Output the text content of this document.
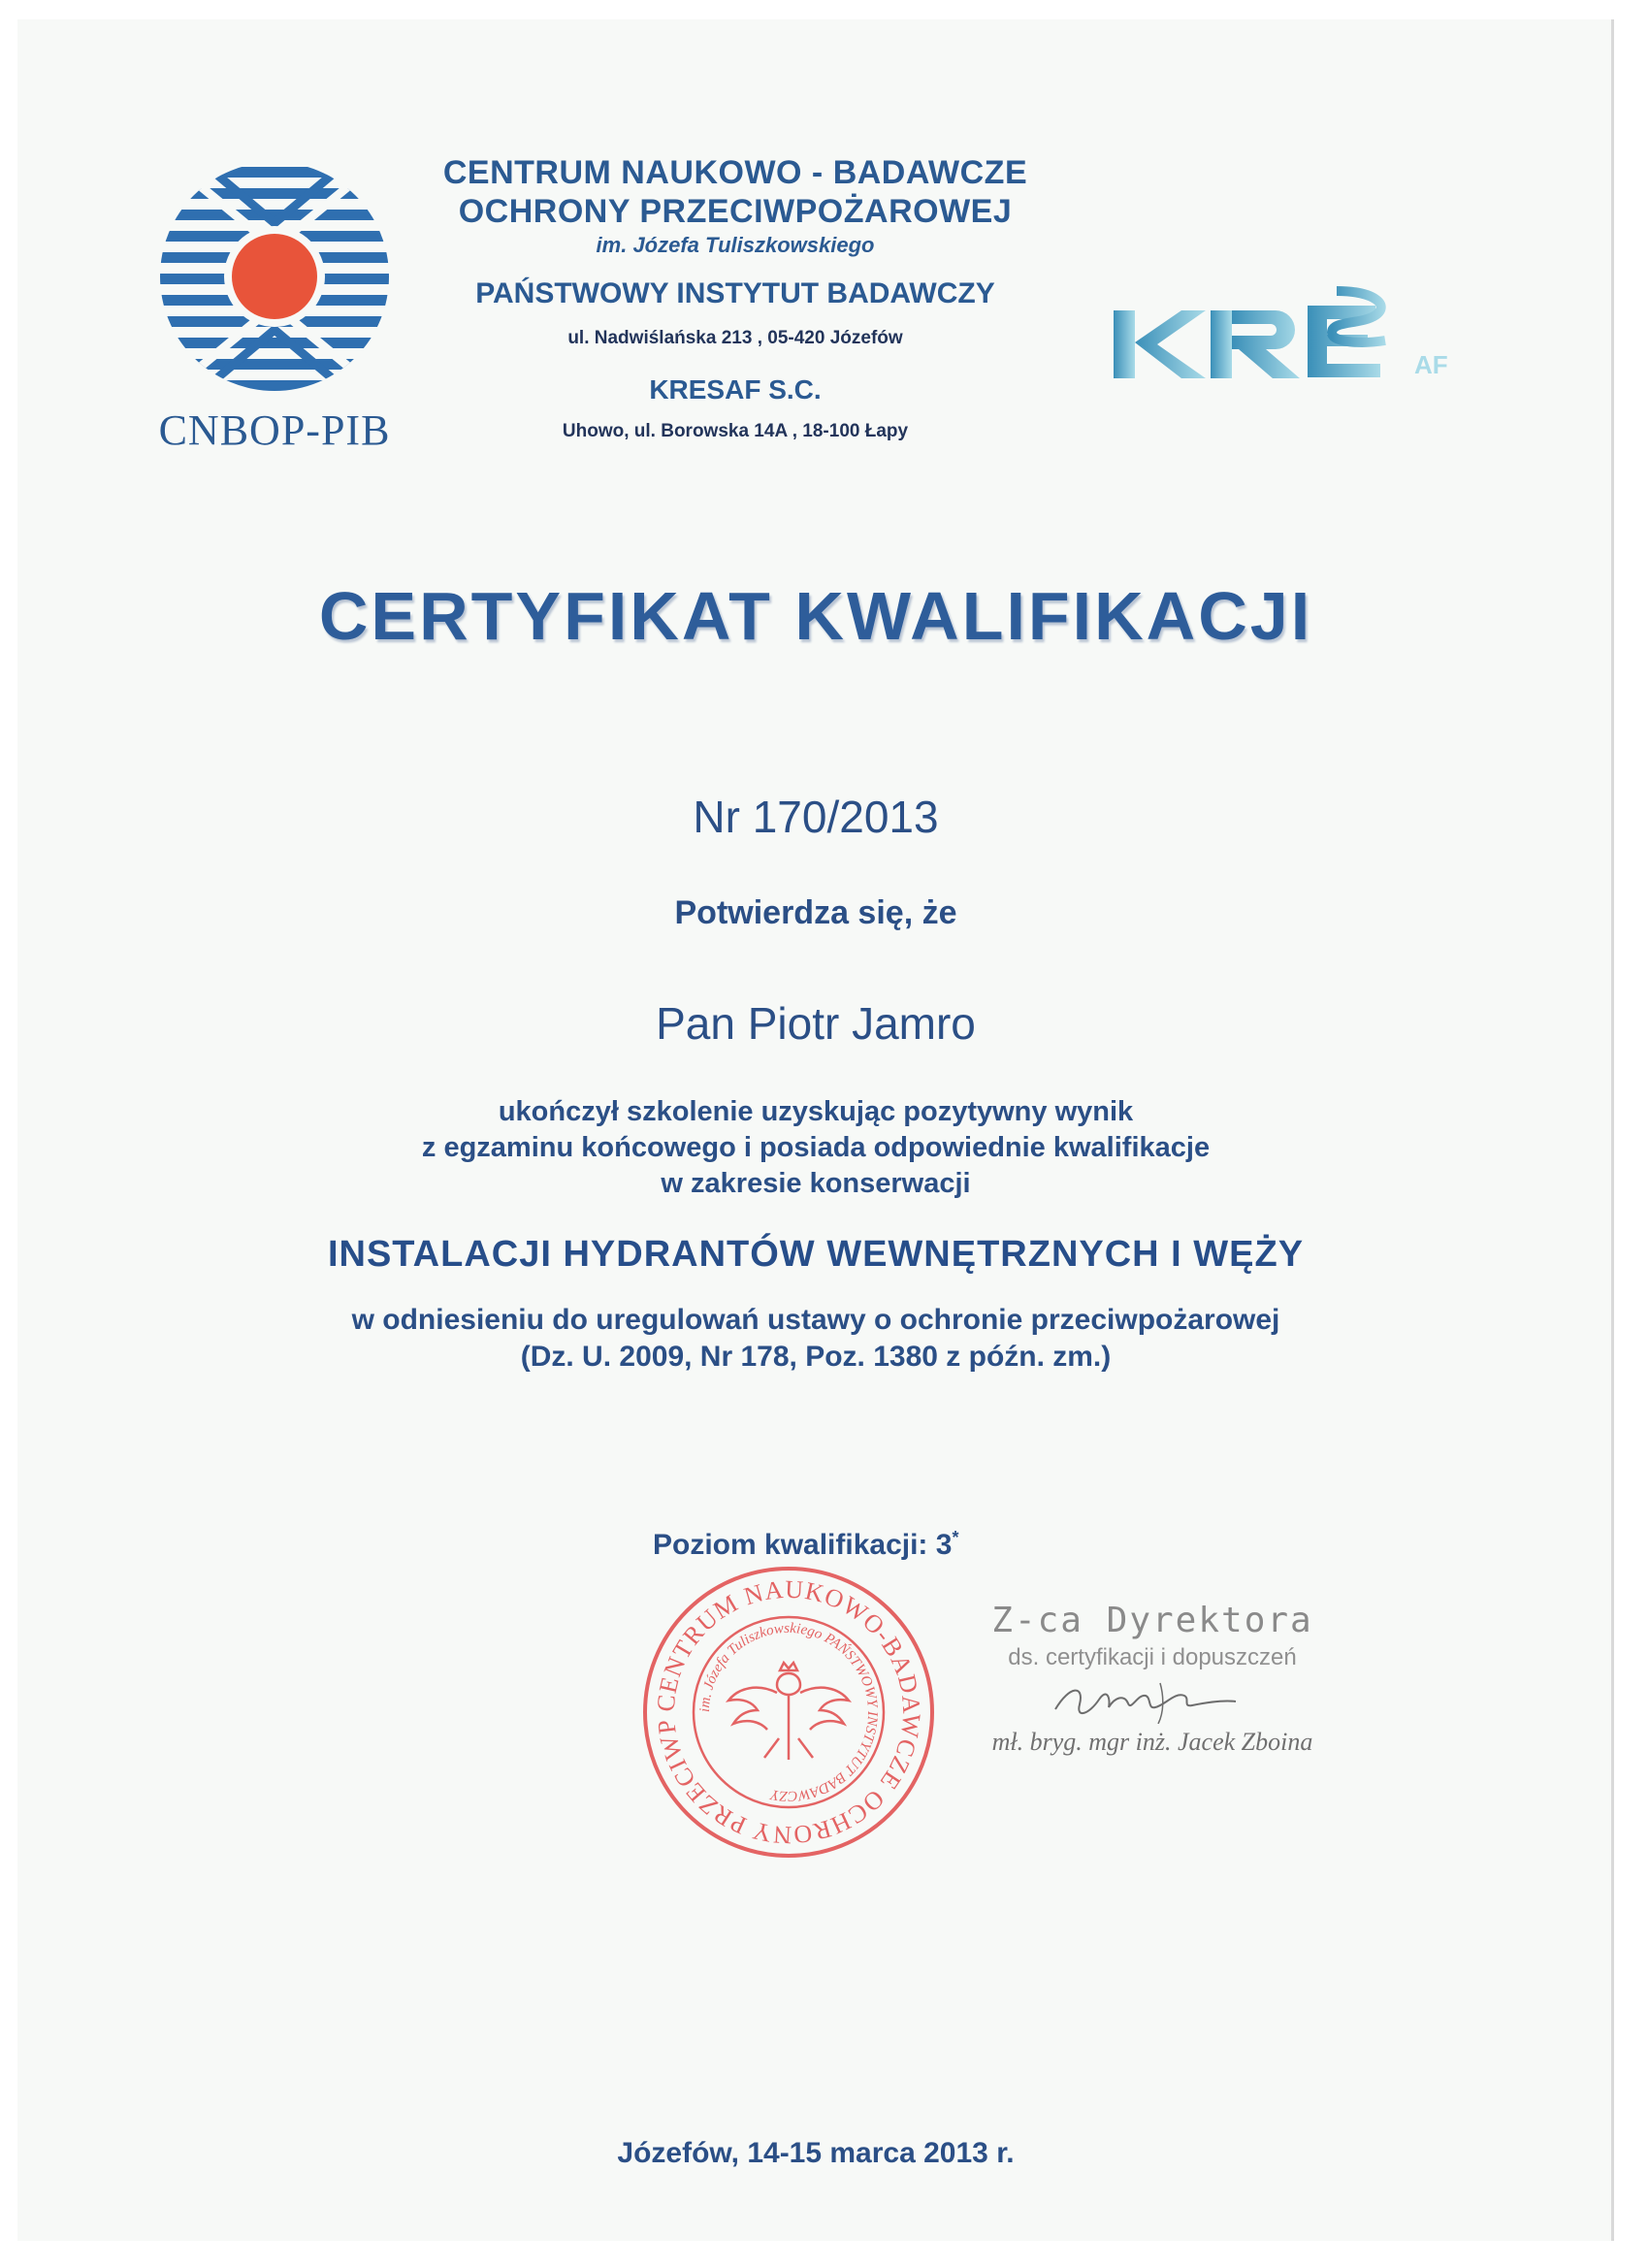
CNBOP-PIB
CENTRUM NAUKOWO - BADAWCZE
OCHRONY PRZECIWPOŻAROWEJ
im. Józefa Tuliszkowskiego
PAŃSTWOWY INSTYTUT BADAWCZY
ul. Nadwiślańska 213 , 05-420 Józefów
KRESAF S.C.
Uhowo, ul. Borowska 14A , 18-100 Łapy
AF
CERTYFIKAT KWALIFIKACJI
Nr 170/2013
Potwierdza się, że
Pan Piotr Jamro
ukończył szkolenie uzyskując pozytywny wynik
z egzaminu końcowego i posiada odpowiednie kwalifikacje
w zakresie konserwacji
INSTALACJI HYDRANTÓW WEWNĘTRZNYCH I WĘŻY
w odniesieniu do uregulowań ustawy o ochronie przeciwpożarowej
(Dz. U. 2009, Nr 178, Poz. 1380 z późn. zm.)
Poziom kwalifikacji: 3*
CENTRUM NAUKOWO-BADAWCZE OCHRONY PRZECIWP
im. Józefa Tuliszkowskiego PAŃSTWOWY INSTYTUT BADAWCZY
Z-ca Dyrektora
ds. certyfikacji i dopuszczeń
mł. bryg. mgr inż. Jacek Zboina
Józefów, 14-15 marca 2013 r.
